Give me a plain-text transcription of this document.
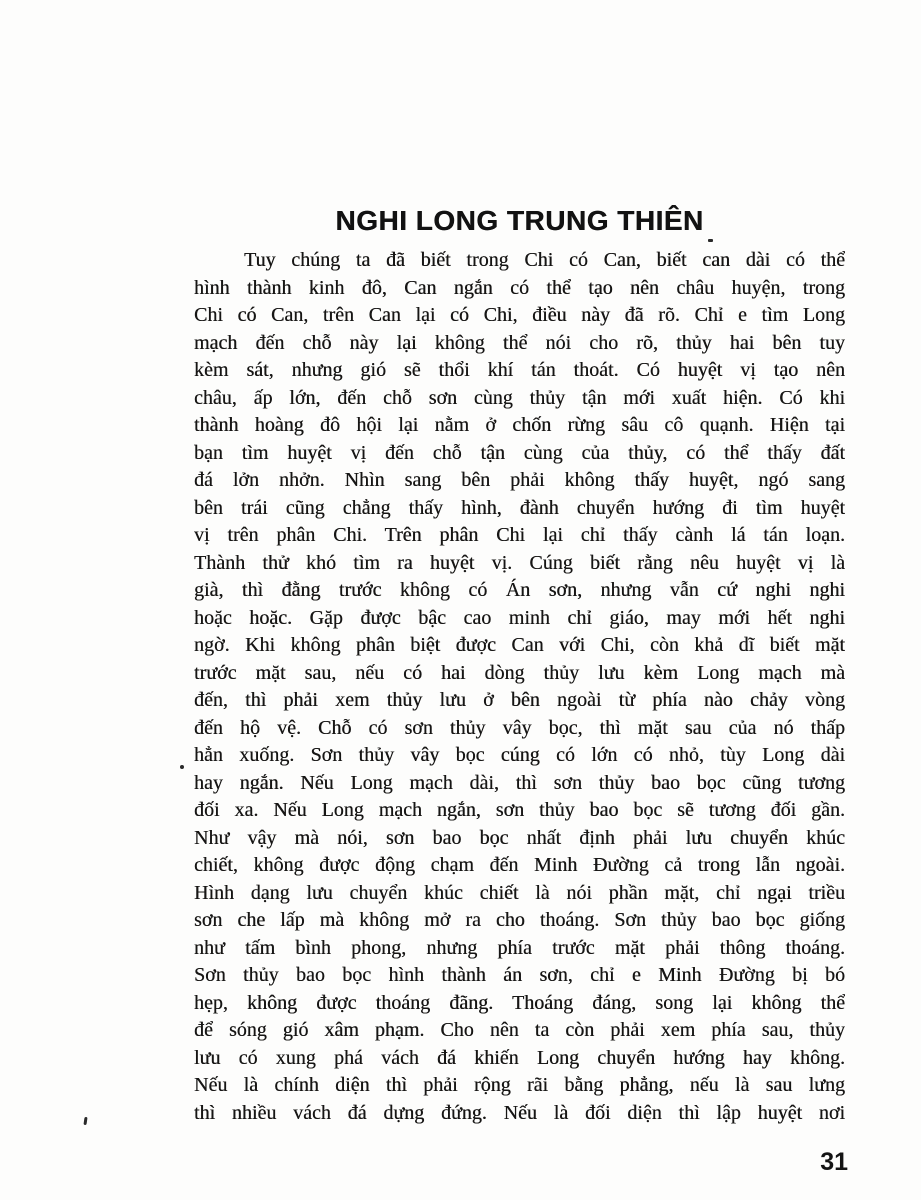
NGHI LONG TRUNG THIÊN
Tuy chúng ta đã biết trong Chi có Can, biết can dài có thể
hình thành kinh đô, Can ngắn có thể tạo nên châu huyện, trong
Chi có Can, trên Can lại có Chi, điều này đã rõ. Chỉ e tìm Long
mạch đến chỗ này lại không thể nói cho rõ, thủy hai bên tuy
kèm sát, nhưng gió sẽ thổi khí tán thoát. Có huyệt vị tạo nên
châu, ấp lớn, đến chỗ sơn cùng thủy tận mới xuất hiện. Có khi
thành hoàng đô hội lại nằm ở chốn rừng sâu cô quạnh. Hiện tại
bạn tìm huyệt vị đến chỗ tận cùng của thủy, có thể thấy đất
đá lởn nhởn. Nhìn sang bên phải không thấy huyệt, ngó sang
bên trái cũng chẳng thấy hình, đành chuyển hướng đi tìm huyệt
vị trên phân Chi. Trên phân Chi lại chỉ thấy cành lá tán loạn.
Thành thử khó tìm ra huyệt vị. Cúng biết rằng nêu huyệt vị là
già, thì đằng trước không có Án sơn, nhưng vẫn cứ nghi nghi
hoặc hoặc. Gặp được bậc cao minh chỉ giáo, may mới hết nghi
ngờ. Khi không phân biệt được Can với Chi, còn khả dĩ biết mặt
trước mặt sau, nếu có hai dòng thủy lưu kèm Long mạch mà
đến, thì phải xem thủy lưu ở bên ngoài từ phía nào chảy vòng
đến hộ vệ. Chỗ có sơn thủy vây bọc, thì mặt sau của nó thấp
hẳn xuống. Sơn thủy vây bọc cúng có lớn có nhỏ, tùy Long dài
hay ngắn. Nếu Long mạch dài, thì sơn thủy bao bọc cũng tương
đối xa. Nếu Long mạch ngắn, sơn thủy bao bọc sẽ tương đối gần.
Như vậy mà nói, sơn bao bọc nhất định phải lưu chuyển khúc
chiết, không được động chạm đến Minh Đường cả trong lẫn ngoài.
Hình dạng lưu chuyển khúc chiết là nói phần mặt, chỉ ngại triều
sơn che lấp mà không mở ra cho thoáng. Sơn thủy bao bọc giống
như tấm bình phong, nhưng phía trước mặt phải thông thoáng.
Sơn thủy bao bọc hình thành án sơn, chỉ e Minh Đường bị bó
hẹp, không được thoáng đãng. Thoáng đáng, song lại không thể
để sóng gió xâm phạm. Cho nên ta còn phải xem phía sau, thủy
lưu có xung phá vách đá khiến Long chuyển hướng hay không.
Nếu là chính diện thì phải rộng rãi bằng phẳng, nếu là sau lưng
thì nhiều vách đá dựng đứng. Nếu là đối diện thì lập huyệt nơi
31
